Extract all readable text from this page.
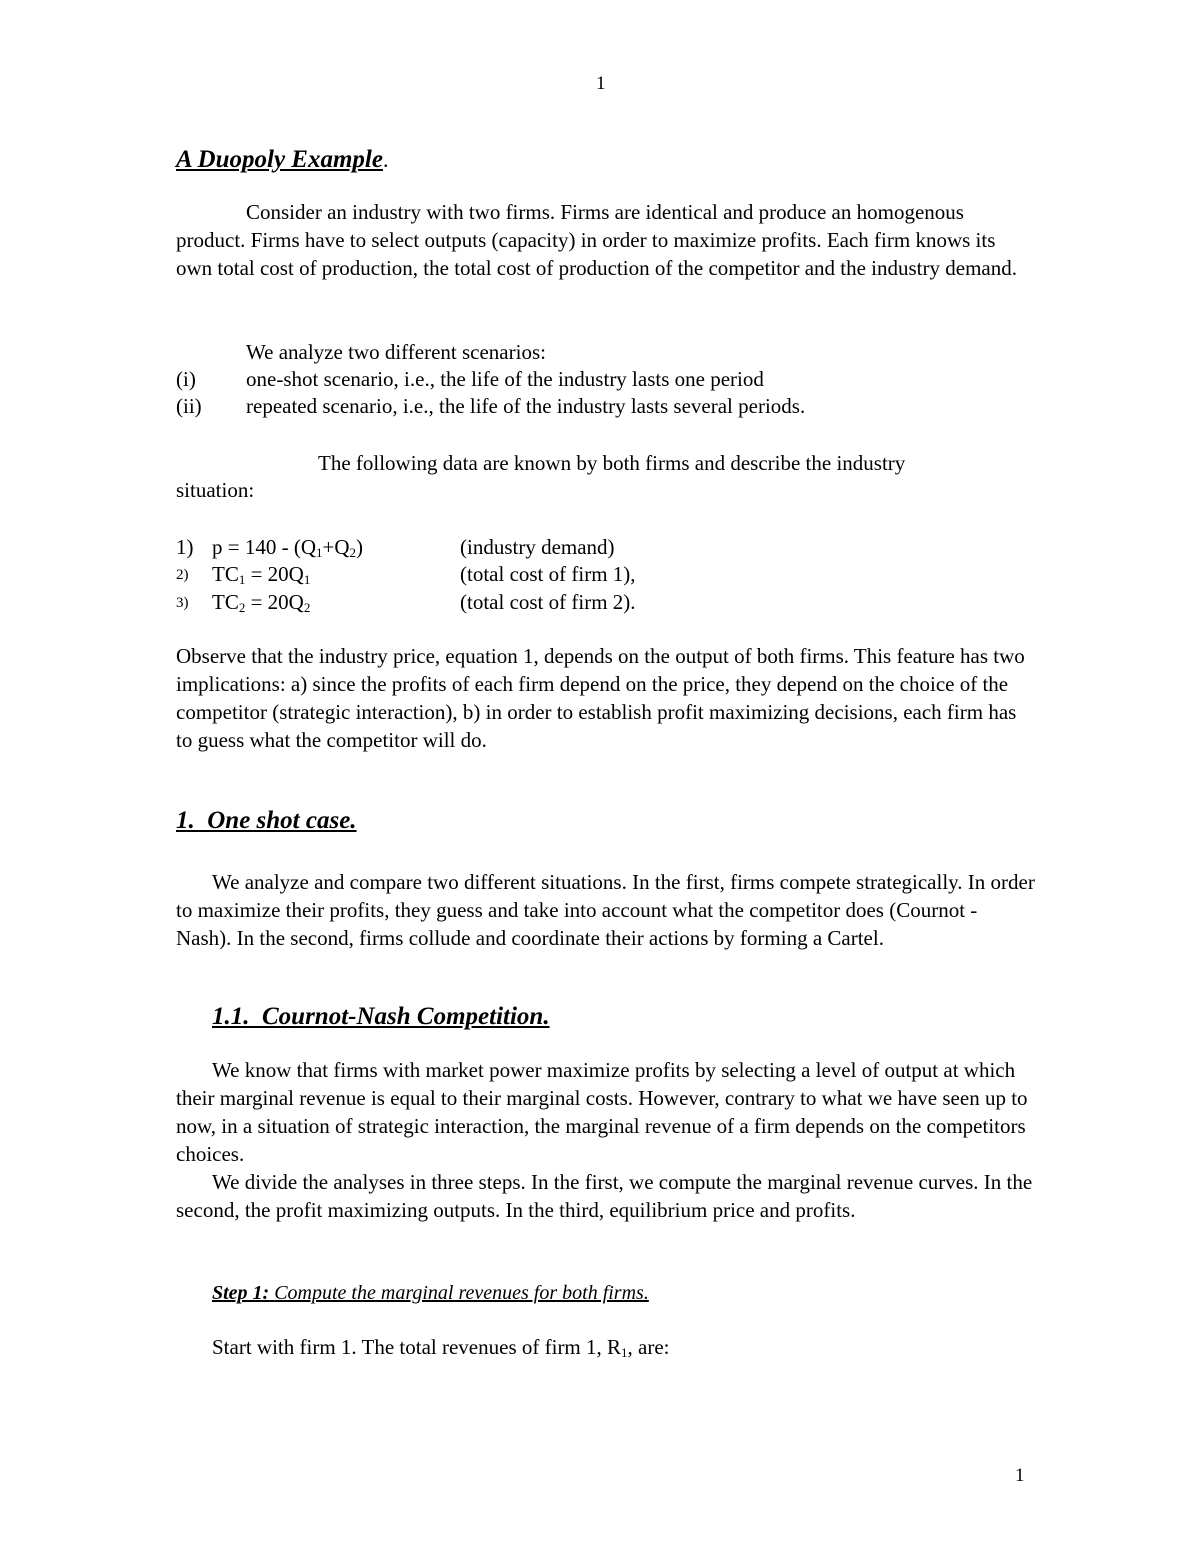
1
A Duopoly Example.
Consider an industry with two firms. Firms are identical and produce an homogenous product. Firms have to select outputs (capacity) in order to maximize profits. Each firm knows its own total cost of production, the total cost of production of the competitor and the industry demand.
We analyze two different scenarios:
(i) one-shot scenario, i.e., the life of the industry lasts one period
(ii) repeated scenario, i.e., the life of the industry lasts several periods.
The following data are known by both firms and describe the industry
situation:
1) $p = 140 - (Q_1+Q_2)$	(industry demand)
2) $TC_1 = 20Q_1$	(total cost of firm 1),
3) $TC_2 = 20Q_2$	(total cost of firm 2).
Observe that the industry price, equation 1, depends on the output of both firms. This feature has two implications: a) since the profits of each firm depend on the price, they depend on the choice of the competitor (strategic interaction), b) in order to establish profit maximizing decisions, each firm has to guess what the competitor will do.
1.  One shot case.
We analyze and compare two different situations. In the first, firms compete strategically. In order to maximize their profits, they guess and take into account what the competitor does (Cournot - Nash). In the second, firms collude and coordinate their actions by forming a Cartel.
1.1.  Cournot-Nash Competition.
We know that firms with market power maximize profits by selecting a level of output at which their marginal revenue is equal to their marginal costs. However, contrary to what we have seen up to now, in a situation of strategic interaction, the marginal revenue of a firm depends on the competitors choices.
We divide the analyses in three steps. In the first, we compute the marginal revenue curves. In the second, the profit maximizing outputs. In the third, equilibrium price and profits.
Step 1: Compute the marginal revenues for both firms.
Start with firm 1. The total revenues of firm 1, $R_1$, are:
1
